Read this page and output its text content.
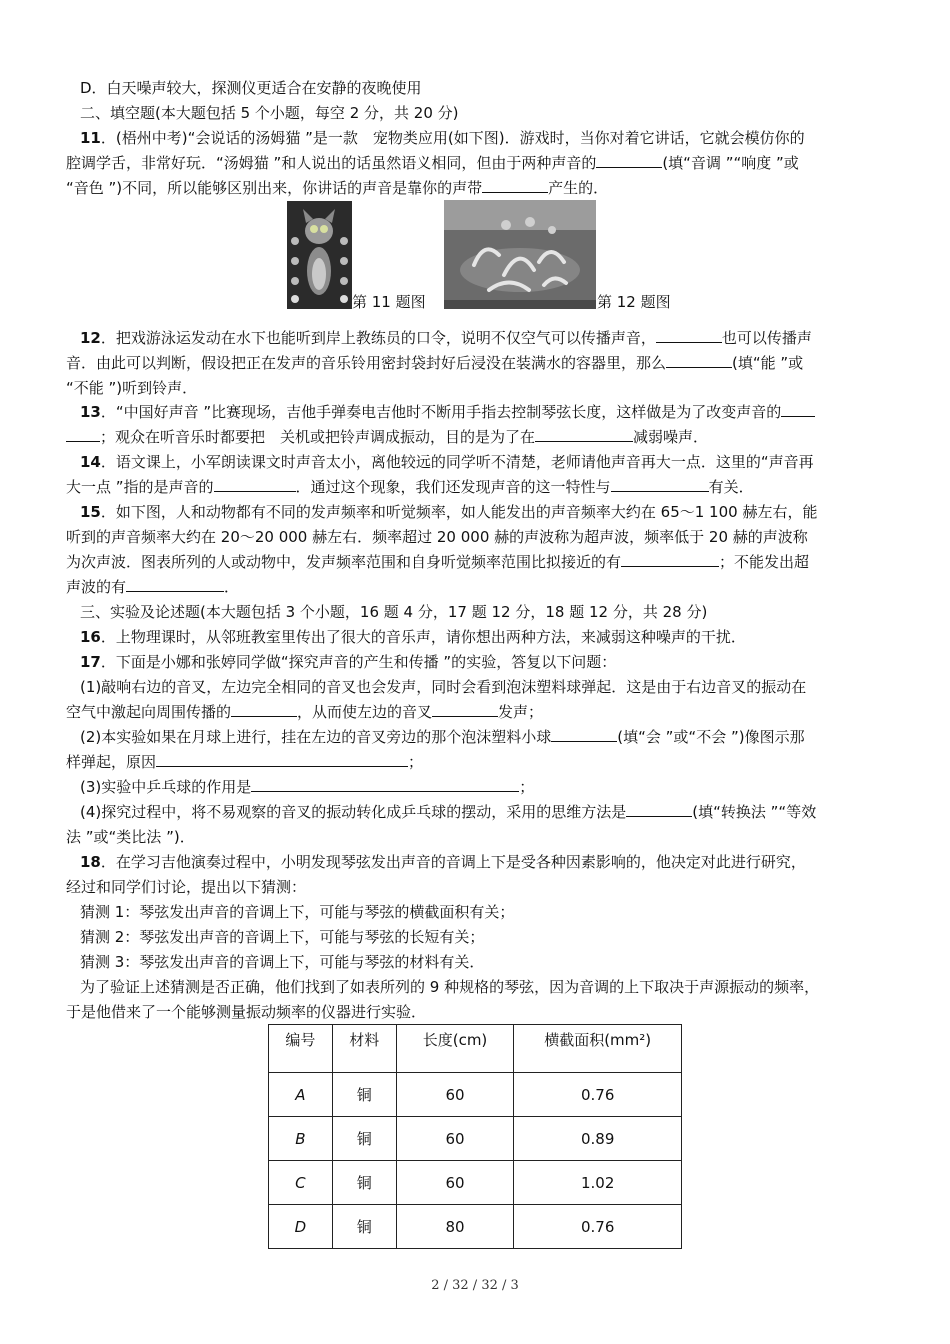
D．白天噪声较大，探测仪更适合在安静的夜晚使用
二、填空题(本大题包括 5 个小题，每空 2 分，共 20 分)
11．(梧州中考)“会说话的汤姆猫 ”是一款　宠物类应用(如下图)．游戏时，当你对着它讲话，它就会模仿你的
腔调学舌，非常好玩．“汤姆猫 ”和人说出的话虽然语义相同，但由于两种声音的	(填“音调 ”“响度 ”或
“音色 ”)不同，所以能够区别出来，你讲话的声音是靠你的声带	产生的．
第 11 题图	第 12 题图
12．把戏游泳运发动在水下也能听到岸上教练员的口令，说明不仅空气可以传播声音，	也可以传播声
音．由此可以判断，假设把正在发声的音乐铃用密封袋封好后浸没在装满水的容器里，那么	(填“能 ”或
“不能 ”)听到铃声．
13．“中国好声音 ”比赛现场，吉他手弹奏电吉他时不断用手指去控制琴弦长度，这样做是为了改变声音的
；观众在听音乐时都要把　关机或把铃声调成振动，目的是为了在	减弱噪声．
14．语文课上，小军朗读课文时声音太小，离他较远的同学听不清楚，老师请他声音再大一点．这里的“声音再
大一点 ”指的是声音的	．通过这个现象，我们还发现声音的这一特性与	有关．
15．如下图，人和动物都有不同的发声频率和听觉频率，如人能发出的声音频率大约在 65～1 100 赫左右，能
听到的声音频率大约在 20～20 000 赫左右．频率超过 20 000 赫的声波称为超声波，频率低于 20 赫的声波称
为次声波．图表所列的人或动物中，发声频率范围和自身听觉频率范围比拟接近的有	；不能发出超
声波的有	．
三、实验及论述题(本大题包括 3 个小题，16 题 4 分，17 题 12 分，18 题 12 分，共 28 分)
16．上物理课时，从邻班教室里传出了很大的音乐声，请你想出两种方法，来减弱这种噪声的干扰．
17．下面是小娜和张婷同学做“探究声音的产生和传播 ”的实验，答复以下问题：
(1)敲响右边的音叉，左边完全相同的音叉也会发声，同时会看到泡沫塑料球弹起．这是由于右边音叉的振动在
空气中激起向周围传播的	，从而使左边的音叉	发声；
(2)本实验如果在月球上进行，挂在左边的音叉旁边的那个泡沫塑料小球	(填“会 ”或“不会 ”)像图示那
样弹起，原因	；
(3)实验中乒乓球的作用是	；
(4)探究过程中，将不易观察的音叉的振动转化成乒乓球的摆动，采用的思维方法是	(填“转换法 ”“等效
法 ”或“类比法 ”)．
18．在学习吉他演奏过程中，小明发现琴弦发出声音的音调上下是受各种因素影响的，他决定对此进行研究，
经过和同学们讨论，提出以下猜测：
猜测 1：琴弦发出声音的音调上下，可能与琴弦的横截面积有关；
猜测 2：琴弦发出声音的音调上下，可能与琴弦的长短有关；
猜测 3：琴弦发出声音的音调上下，可能与琴弦的材料有关．
为了验证上述猜测是否正确，他们找到了如表所列的 9 种规格的琴弦，因为音调的上下取决于声源振动的频率，
于是他借来了一个能够测量振动频率的仪器进行实验．
编号	材料	长度(cm)	横截面积(mm²)
A	铜	60	0.76
B	铜	60	0.89
C	铜	60	1.02
D	铜	80	0.76
2 / 32 / 32 / 3
